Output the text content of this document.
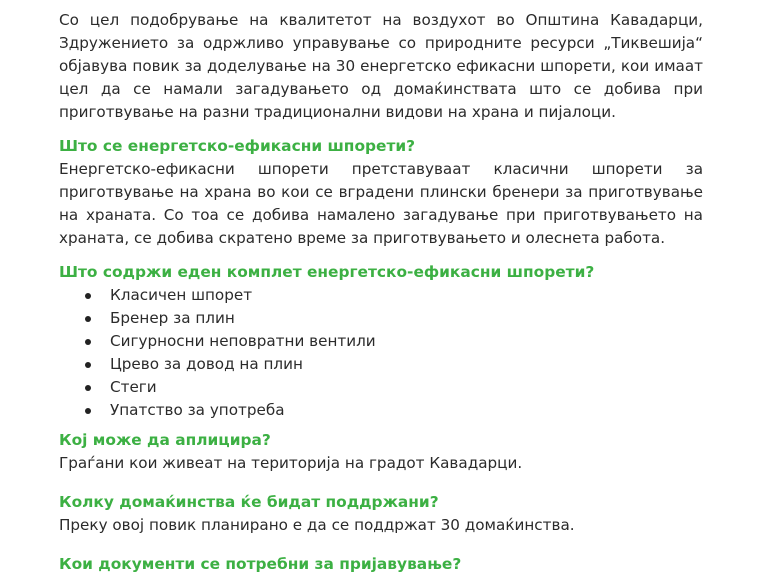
Со цел подобрување на квалитетот на воздухот во Општина Кавадарци, Здружението за одржливо управување со природните ресурси „Тиквешија“ објавува повик за доделување на 30 енергетско ефикасни шпорети, кои имаат цел да се намали загадувањето од домаќинствата што се добива при приготвување на разни традиционални видови на храна и пијалоци.

Што се енергетско-ефикасни шпорети?

Енергетско-ефикасни шпорети претставуваат класични шпорети за приготвување на храна во кои се вградени плински бренери за приготвување на храната. Со тоа се добива намалено загадување при приготвувањето на храната, се добива скратено време за приготвувањето и олеснета работа.

Што содржи еден комплет енергетско-ефикасни шпорети?
Класичен шпорет
Бренер за плин
Сигурносни неповратни вентили
Црево за довод на плин
Стеги
Упатство за употреба
Кој може да аплицира?

Граѓани кои живеат на територија на градот Кавадарци.

Колку домаќинства ќе бидат поддржани?

Преку овој повик планирано е да се поддржат 30 домаќинства.

Кои документи се потребни за пријавување?
